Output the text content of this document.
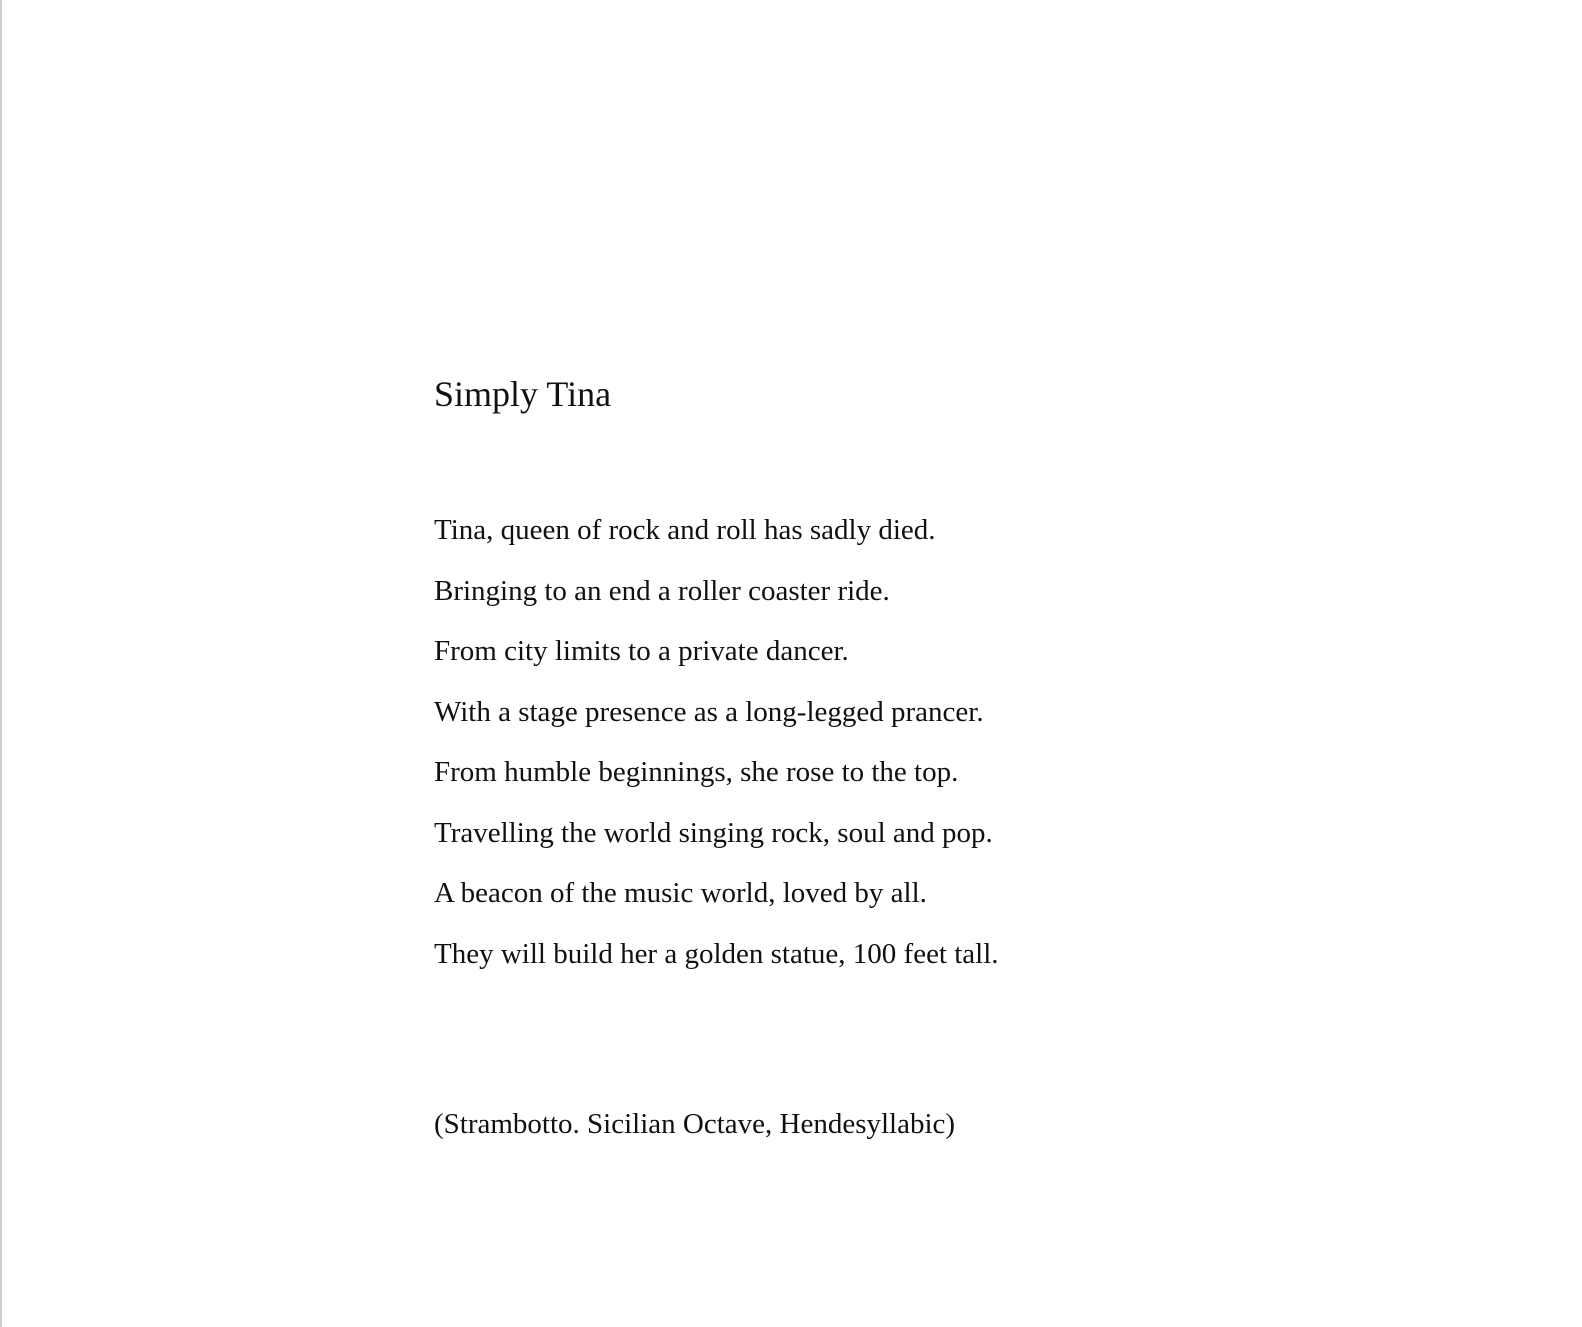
Simply Tina
Tina, queen of rock and roll has sadly died.
Bringing to an end a roller coaster ride.
From city limits to a private dancer.
With a stage presence as a long-legged prancer.
From humble beginnings, she rose to the top.
Travelling the world singing rock, soul and pop.
A beacon of the music world, loved by all.
They will build her a golden statue, 100 feet tall.

(Strambotto. Sicilian Octave, Hendesyllabic)
